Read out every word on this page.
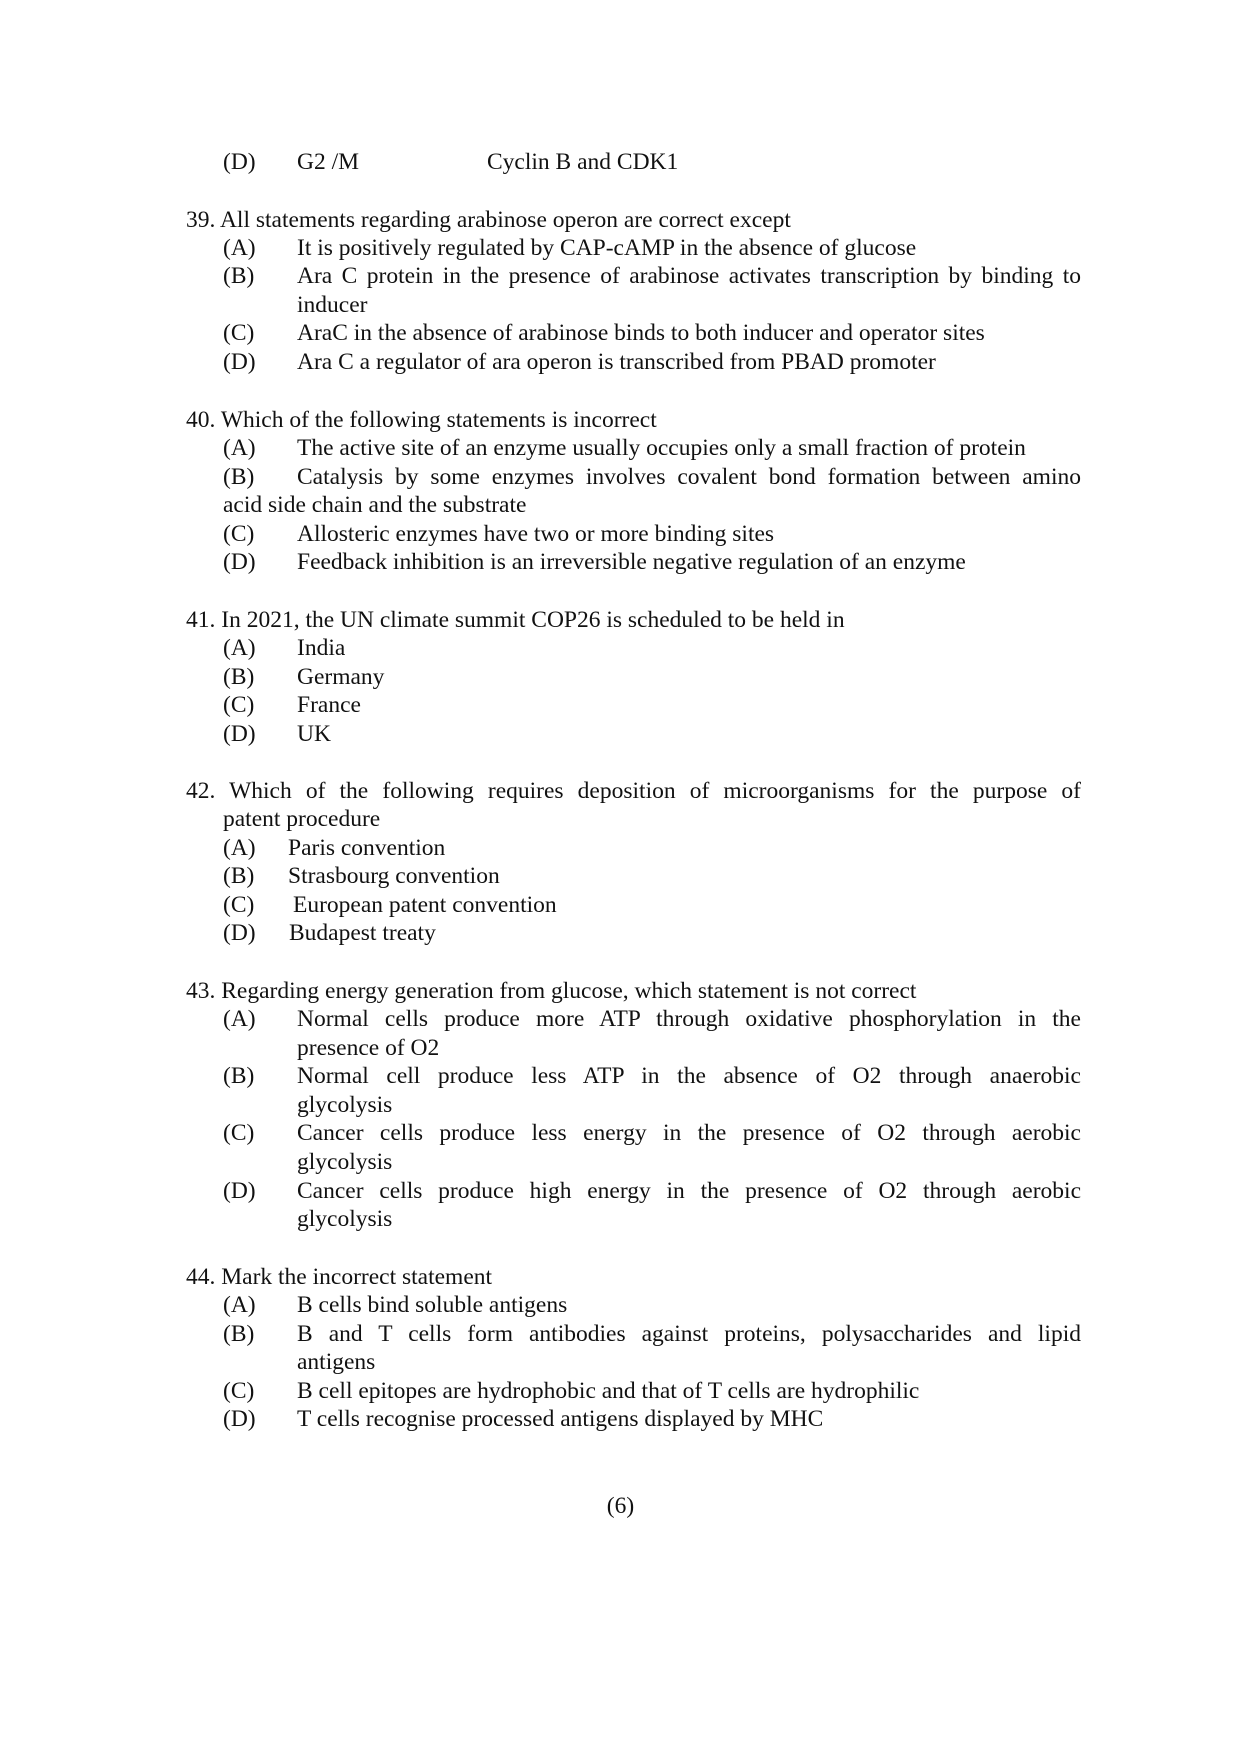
(D) G2 /M	Cyclin B and CDK1
39. All statements regarding arabinose operon are correct except
(A) It is positively regulated by CAP-cAMP in the absence of glucose
(B) Ara C protein in the presence of arabinose activates transcription by binding to
inducer
(C) AraC in the absence of arabinose binds to both inducer and operator sites
(D) Ara C a regulator of ara operon is transcribed from PBAD promoter
40. Which of the following statements is incorrect
(A) The active site of an enzyme usually occupies only a small fraction of protein
(B) Catalysis by some enzymes involves covalent bond formation between amino
acid side chain and the substrate
(C) Allosteric enzymes have two or more binding sites
(D) Feedback inhibition is an irreversible negative regulation of an enzyme
41. In 2021, the UN climate summit COP26 is scheduled to be held in
(A) India
(B) Germany
(C) France
(D) UK
42. Which of the following requires deposition of microorganisms for the purpose of
patent procedure
(A) Paris convention
(B) Strasbourg convention
(C) European patent convention
(D) Budapest treaty
43. Regarding energy generation from glucose, which statement is not correct
(A) Normal cells produce more ATP through oxidative phosphorylation in the
presence of O2
(B) Normal cell produce less ATP in the absence of O2 through anaerobic
glycolysis
(C) Cancer cells produce less energy in the presence of O2 through aerobic
glycolysis
(D) Cancer cells produce high energy in the presence of O2 through aerobic
glycolysis
44. Mark the incorrect statement
(A) B cells bind soluble antigens
(B) B and T cells form antibodies against proteins, polysaccharides and lipid
antigens
(C) B cell epitopes are hydrophobic and that of T cells are hydrophilic
(D) T cells recognise processed antigens displayed by MHC
(6)
